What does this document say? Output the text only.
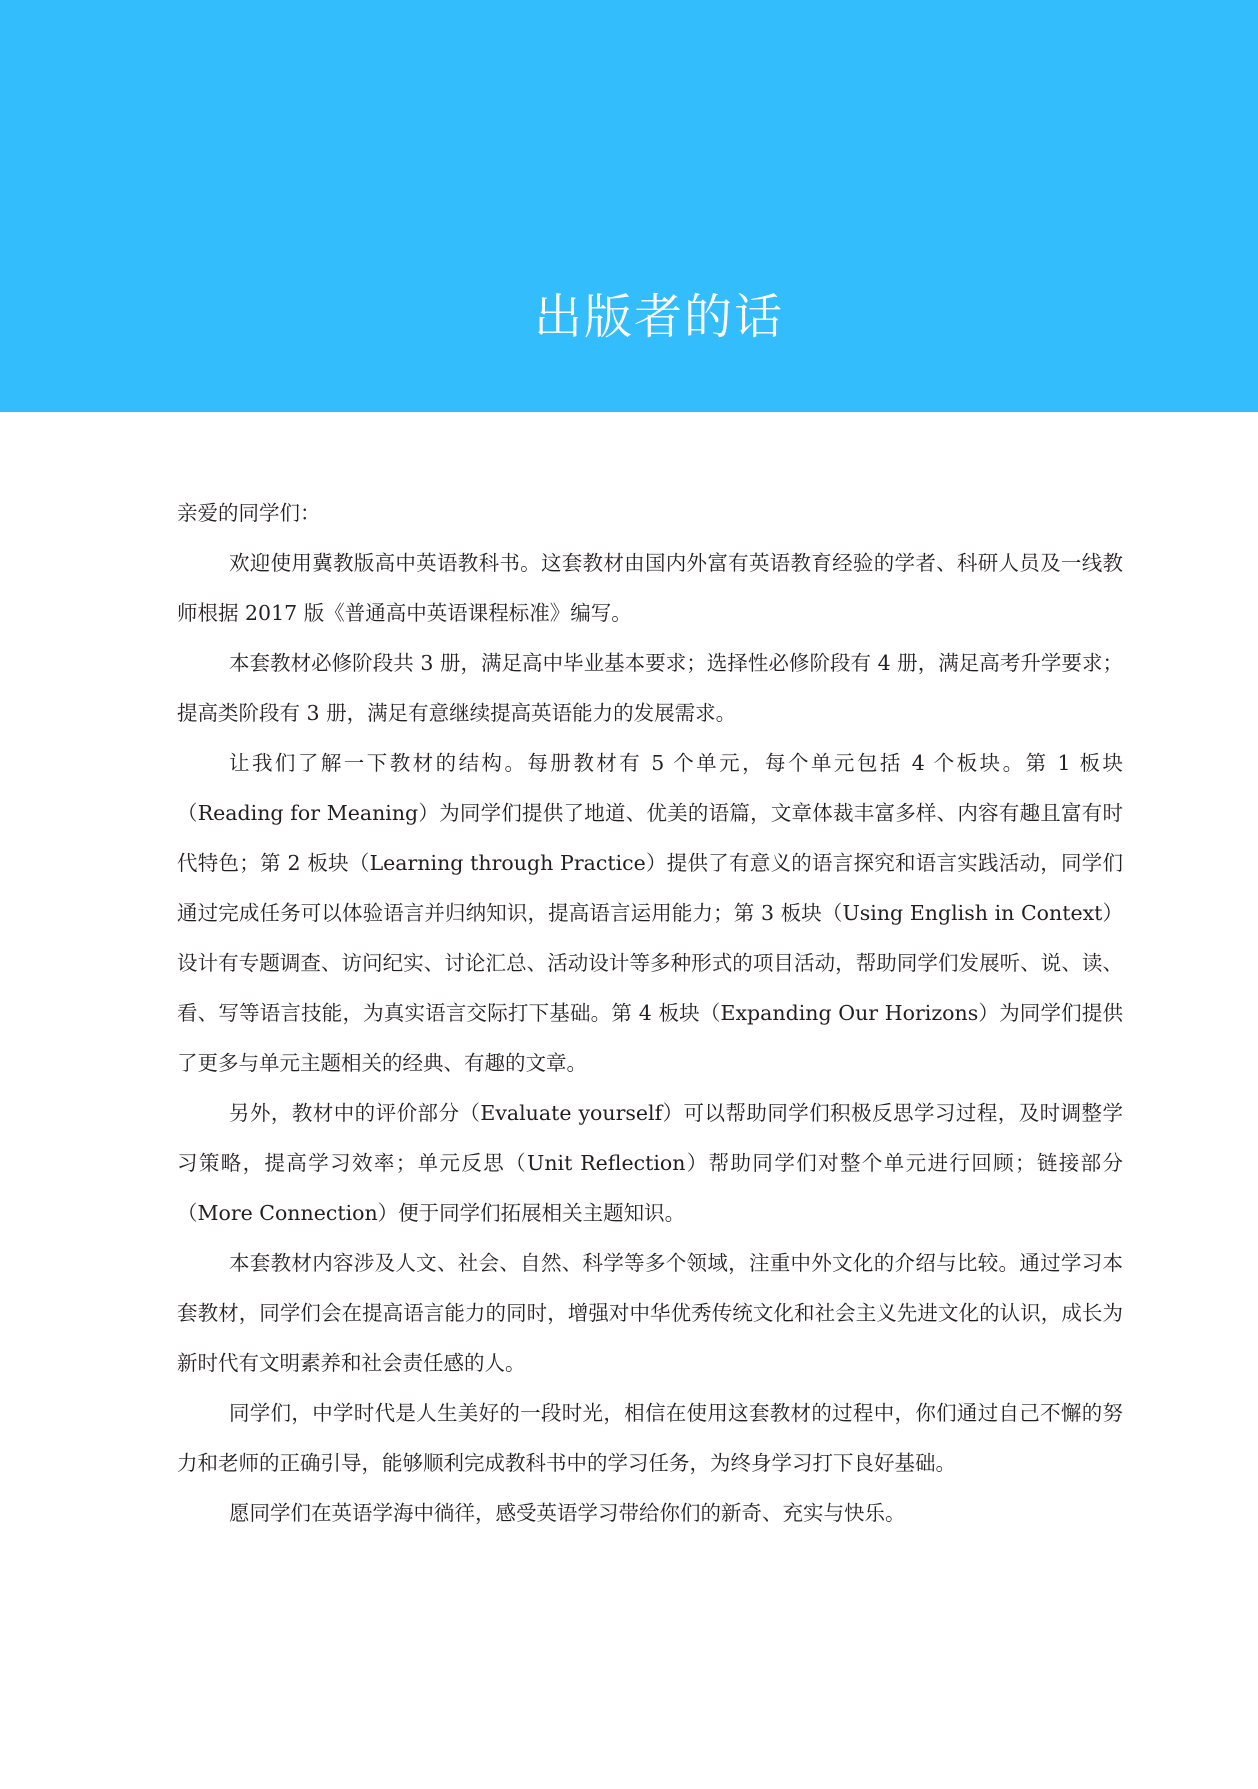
出版者的话

亲爱的同学们：

欢迎使用冀教版高中英语教科书。这套教材由国内外富有英语教育经验的学者、科研人员及一线教师根据 2017 版《普通高中英语课程标准》编写。

本套教材必修阶段共 3 册，满足高中毕业基本要求；选择性必修阶段有 4 册，满足高考升学要求；提高类阶段有 3 册，满足有意继续提高英语能力的发展需求。

让我们了解一下教材的结构。每册教材有 5 个单元，每个单元包括 4 个板块。第 1 板块（Reading for Meaning）为同学们提供了地道、优美的语篇，文章体裁丰富多样、内容有趣且富有时代特色；第 2 板块（Learning through Practice）提供了有意义的语言探究和语言实践活动，同学们通过完成任务可以体验语言并归纳知识，提高语言运用能力；第 3 板块（Using English in Context）设计有专题调查、访问纪实、讨论汇总、活动设计等多种形式的项目活动，帮助同学们发展听、说、读、看、写等语言技能，为真实语言交际打下基础。第 4 板块（Expanding Our Horizons）为同学们提供了更多与单元主题相关的经典、有趣的文章。

另外，教材中的评价部分（Evaluate yourself）可以帮助同学们积极反思学习过程，及时调整学习策略，提高学习效率；单元反思（Unit Reflection）帮助同学们对整个单元进行回顾；链接部分（More Connection）便于同学们拓展相关主题知识。

本套教材内容涉及人文、社会、自然、科学等多个领域，注重中外文化的介绍与比较。通过学习本套教材，同学们会在提高语言能力的同时，增强对中华优秀传统文化和社会主义先进文化的认识，成长为新时代有文明素养和社会责任感的人。

同学们，中学时代是人生美好的一段时光，相信在使用这套教材的过程中，你们通过自己不懈的努力和老师的正确引导，能够顺利完成教科书中的学习任务，为终身学习打下良好基础。

愿同学们在英语学海中徜徉，感受英语学习带给你们的新奇、充实与快乐。
